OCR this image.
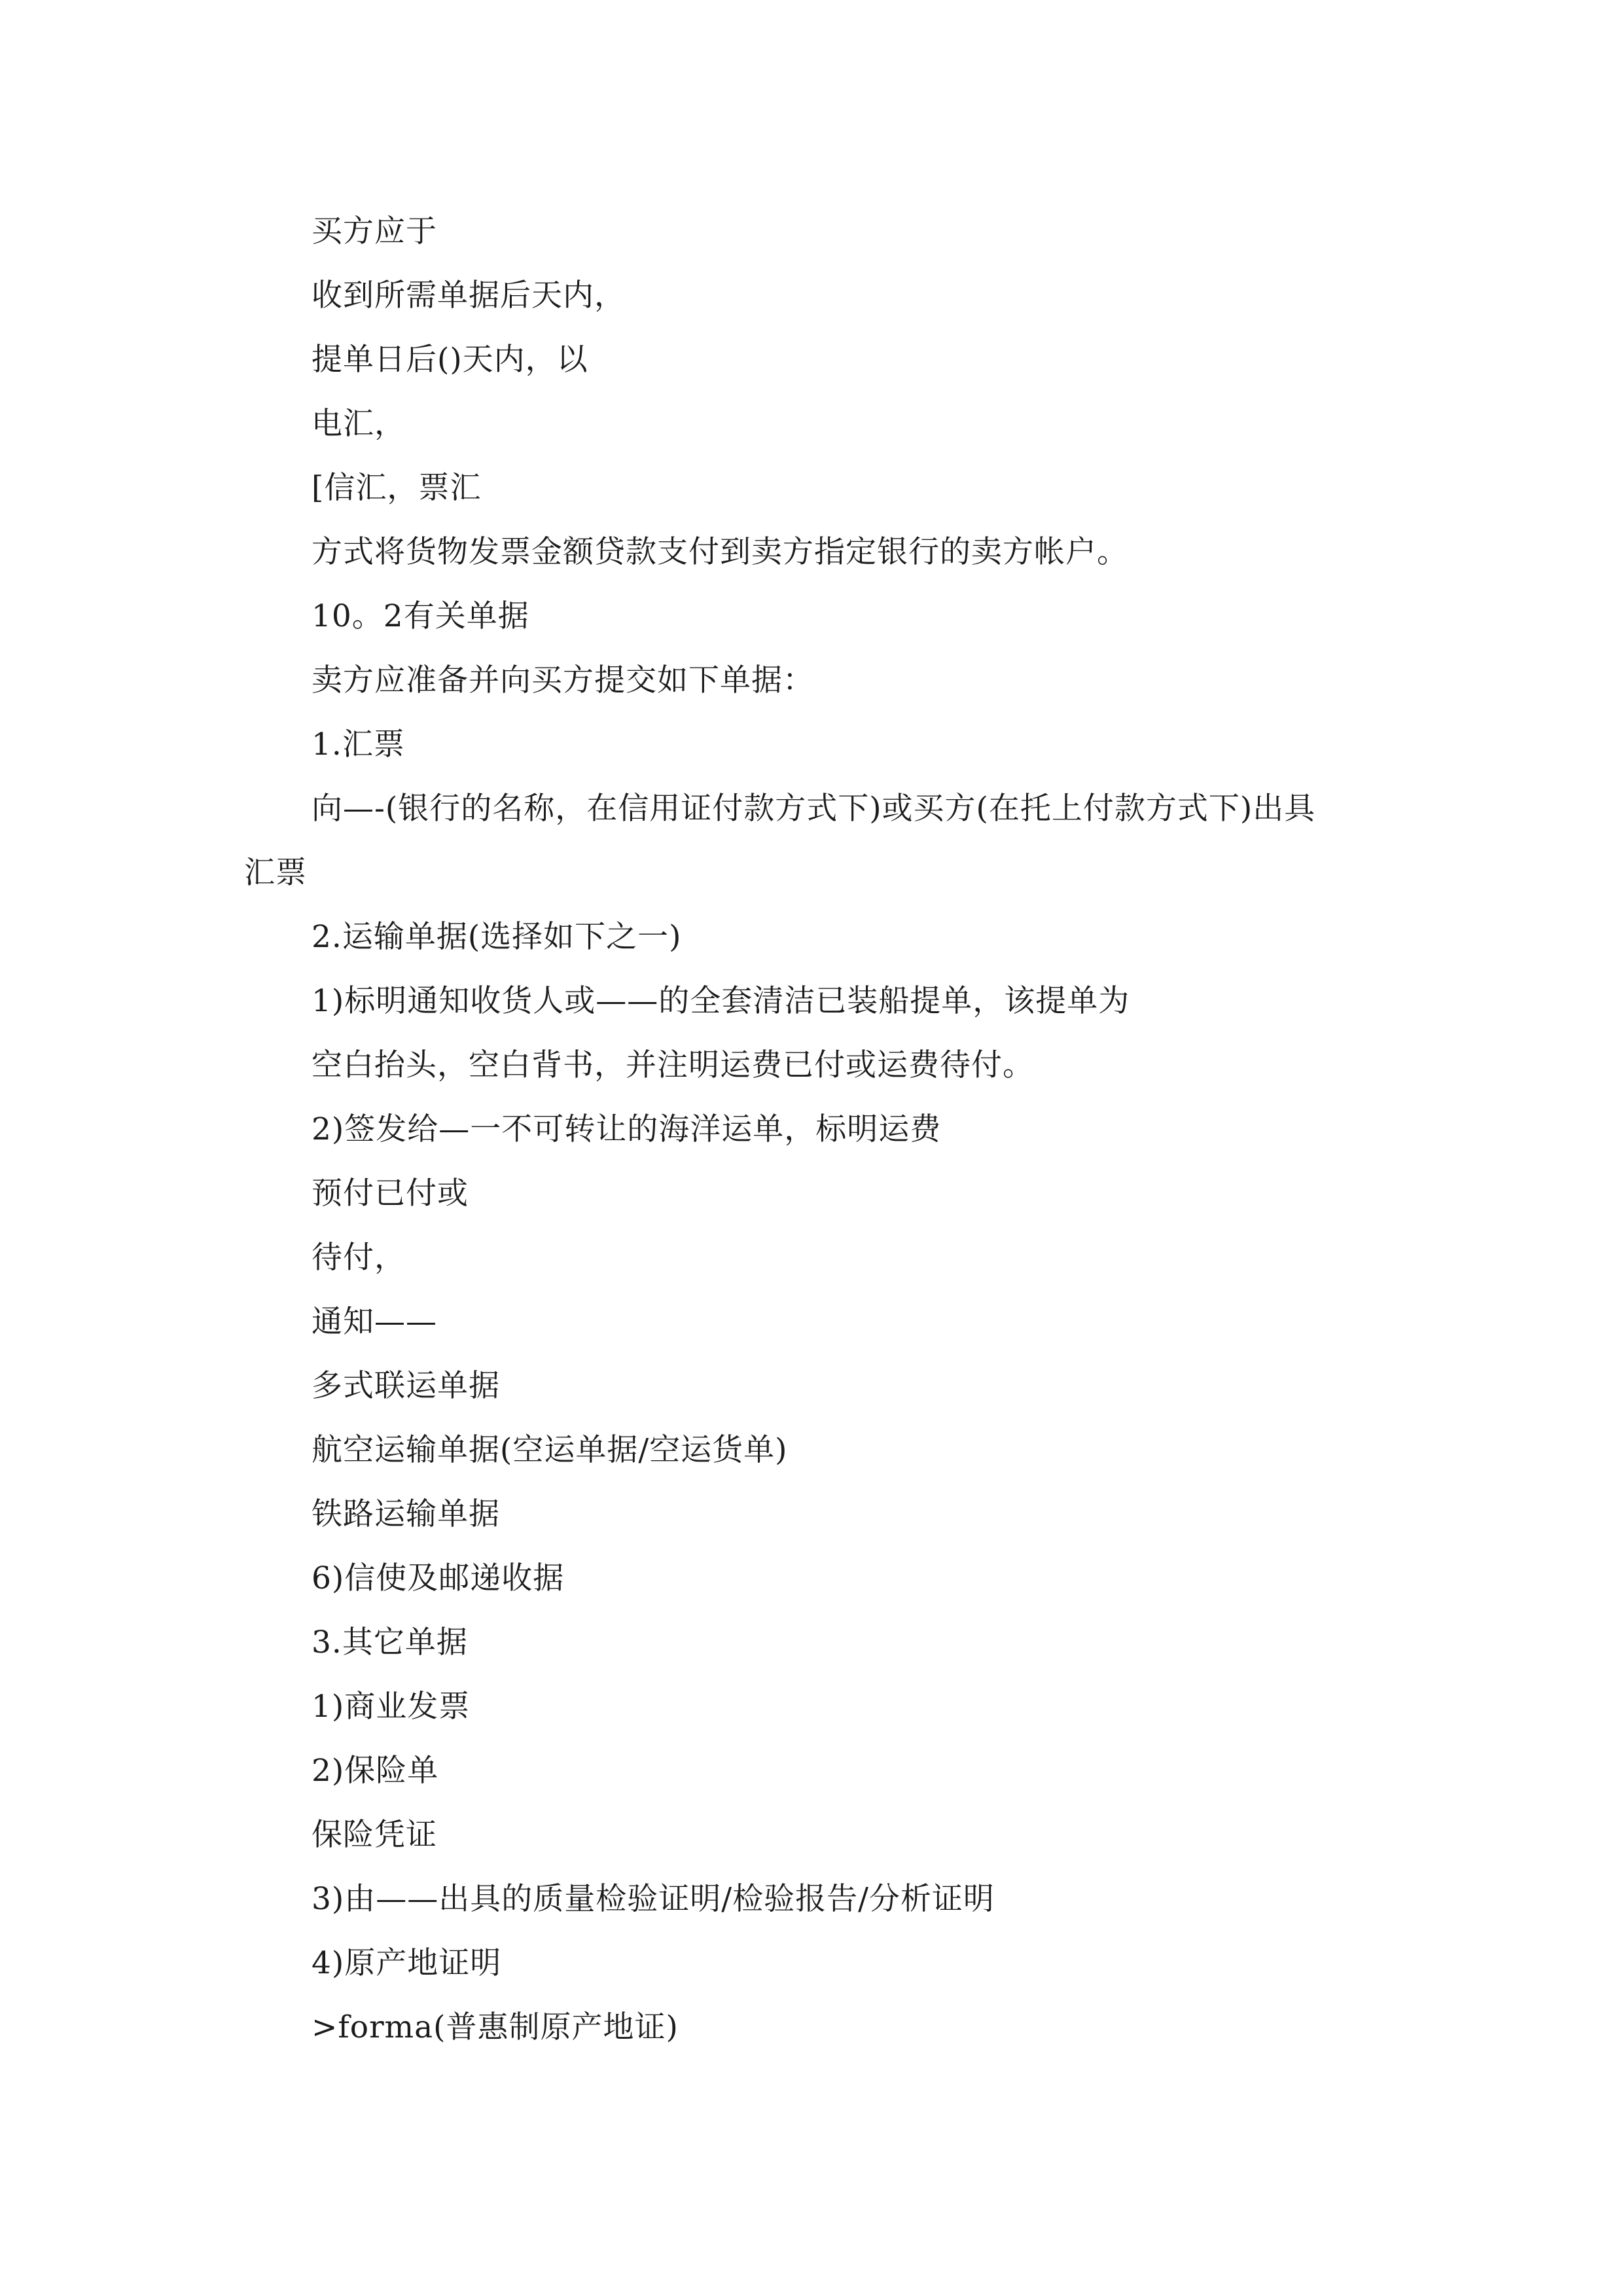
买方应于
收到所需单据后天内，
提单日后()天内，以
电汇，
[信汇，票汇
方式将货物发票金额贷款支付到卖方指定银行的卖方帐户。
10。2有关单据
卖方应准备并向买方提交如下单据：
1.汇票
向—-(银行的名称，在信用证付款方式下)或买方(在托上付款方式下)出具
汇票
2.运输单据(选择如下之一)
1)标明通知收货人或——的全套清洁已装船提单，该提单为
空白抬头，空白背书，并注明运费已付或运费待付。
2)签发给—一不可转让的海洋运单，标明运费
预付已付或
待付，
通知——
多式联运单据
航空运输单据(空运单据/空运货单)
铁路运输单据
6)信使及邮递收据
3.其它单据
1)商业发票
2)保险单
保险凭证
3)由——出具的质量检验证明/检验报告/分析证明
4)原产地证明
>forma(普惠制原产地证)
